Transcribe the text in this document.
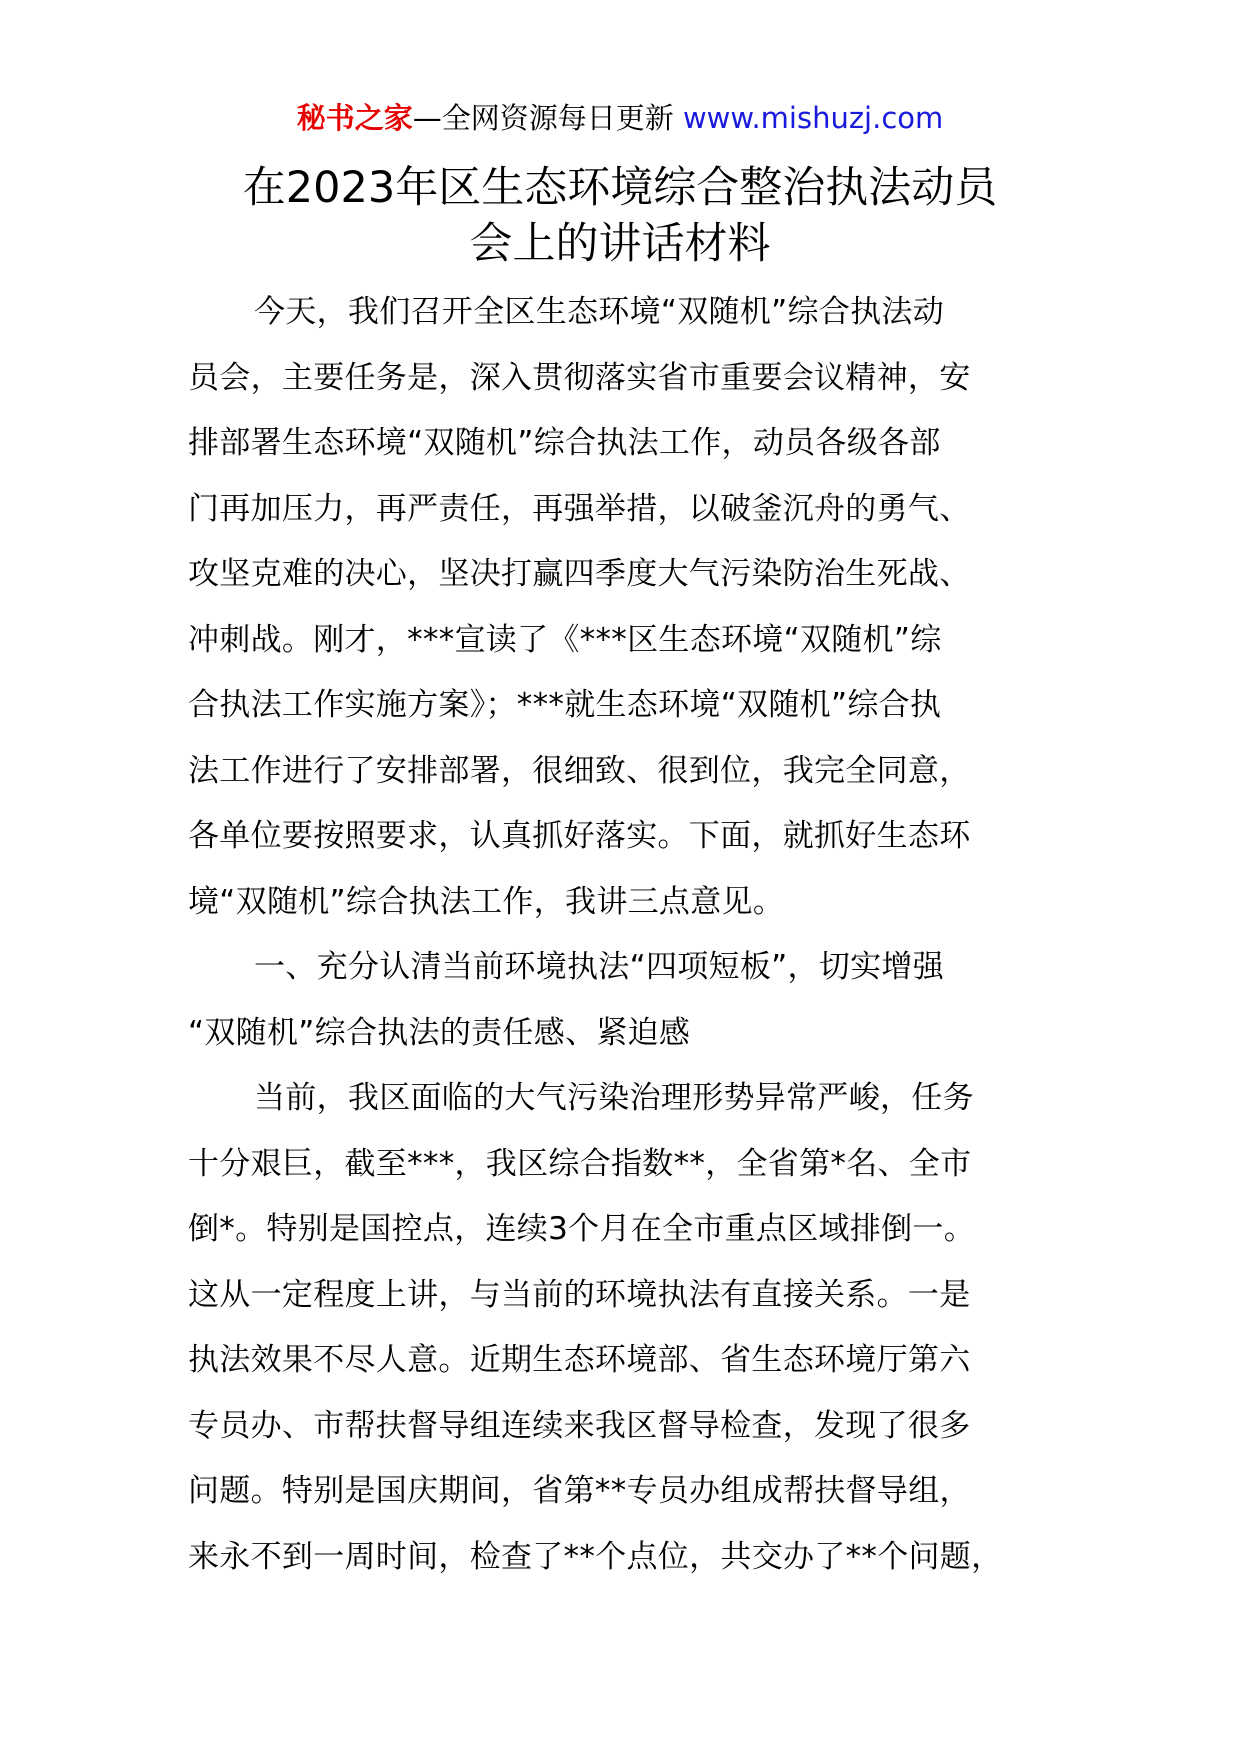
秘书之家—全网资源每日更新 www.mishuzj.com
在2023年区生态环境综合整治执法动员
会上的讲话材料
今天，我们召开全区生态环境“双随机”综合执法动
员会，主要任务是，深入贯彻落实省市重要会议精神，安
排部署生态环境“双随机”综合执法工作，动员各级各部
门再加压力，再严责任，再强举措，以破釜沉舟的勇气、
攻坚克难的决心，坚决打赢四季度大气污染防治生死战、
冲刺战。刚才，***宣读了《***区生态环境“双随机”综
合执法工作实施方案》；***就生态环境“双随机”综合执
法工作进行了安排部署，很细致、很到位，我完全同意，
各单位要按照要求，认真抓好落实。下面，就抓好生态环
境“双随机”综合执法工作，我讲三点意见。
一、充分认清当前环境执法“四项短板”，切实增强
“双随机”综合执法的责任感、紧迫感
当前，我区面临的大气污染治理形势异常严峻，任务
十分艰巨，截至***，我区综合指数**，全省第*名、全市
倒*。特别是国控点，连续3个月在全市重点区域排倒一。
这从一定程度上讲，与当前的环境执法有直接关系。一是
执法效果不尽人意。近期生态环境部、省生态环境厅第六
专员办、市帮扶督导组连续来我区督导检查，发现了很多
问题。特别是国庆期间，省第**专员办组成帮扶督导组，
来永不到一周时间，检查了**个点位，共交办了**个问题，
